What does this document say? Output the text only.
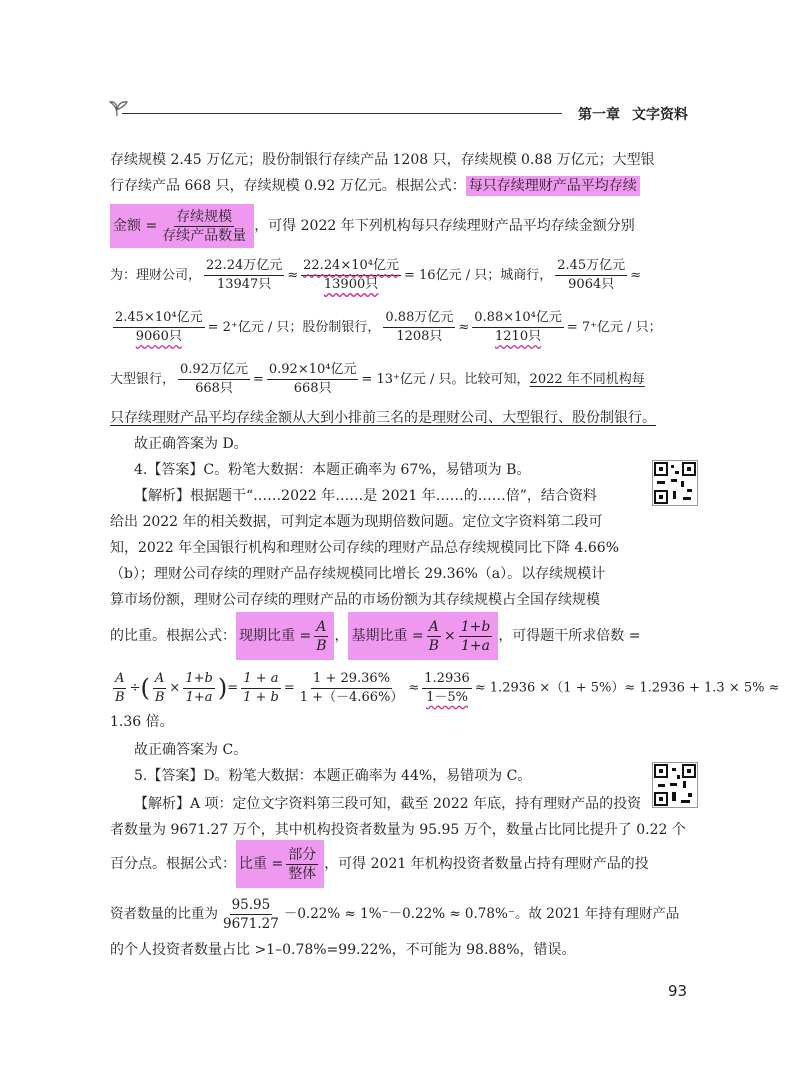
第一章 文字资料
存续规模 2.45 万亿元；股份制银行存续产品 1208 只，存续规模 0.88 万亿元；大型银
行存续产品 668 只，存续规模 0.92 万亿元。根据公式： 每只存续理财产品平均存续
金额 = $\frac{\text{存续规模}}{\text{存续产品数量}}$ ，可得 2022 年下列机构每只存续理财产品平均存续金额分别
为：理财公司， $\frac{\text{22.24万亿元}}{\text{13947只}} \approx \frac{\text{22.24×10⁴亿元}}{\text{13900只}} = 16$亿元 / 只；城商行， $\frac{\text{2.45万亿元}}{\text{9064只}}$ ≈
$\frac{\text{2.45×10⁴亿元}}{\text{9060只}} = 2^+$亿元 / 只；股份制银行， $\frac{\text{0.88万亿元}}{\text{1208只}} \approx \frac{\text{0.88×10⁴亿元}}{\text{1210只}} = 7^+$亿元 / 只；
大型银行， $\frac{\text{0.92万亿元}}{\text{668只}} = \frac{\text{0.92×10⁴亿元}}{\text{668只}} = 13^+$亿元 / 只。比较可知，2022 年不同机构每
只存续理财产品平均存续金额从大到小排前三名的是理财公司、大型银行、股份制银行。
故正确答案为 D。
4.【答案】C。粉笔大数据：本题正确率为 67%，易错项为 B。
【解析】根据题干“……2022 年……是 2021 年……的……倍”，结合资料
给出 2022 年的相关数据，可判定本题为现期倍数问题。定位文字资料第二段可
知，2022 年全国银行机构和理财公司存续的理财产品总存续规模同比下降 4.66%
（b）；理财公司存续的理财产品存续规模同比增长 29.36%（a）。以存续规模计
算市场份额，理财公司存续的理财产品的市场份额为其存续规模占全国存续规模
的比重。根据公式： 现期比重 = $\frac{A}{B}$ ， 基期比重 = $\frac{A}{B} \times \frac{1+b}{1+a}$ ，可得题干所求倍数 =
$\frac{A}{B}$ ÷( $\frac{A}{B} \times \frac{1+b}{1+a}$ )= $\frac{1 + a}{1 + b} = \frac{1 + 29.36\%}{1 +(-4.66\%)} \approx \frac{1.2936}{1-5\%} \approx 1.2936 \times(1 + 5\%)\approx 1.2936 + 1.3 \times 5\%$ ≈
1.36 倍。
故正确答案为 C。
5.【答案】D。粉笔大数据：本题正确率为 44%，易错项为 C。
【解析】A 项：定位文字资料第三段可知，截至 2022 年底，持有理财产品的投资
者数量为 9671.27 万个，其中机构投资者数量为 95.95 万个，数量占比同比提升了 0.22 个
百分点。根据公式： 比重 = $\frac{\text{部分}}{\text{整体}}$ ，可得 2021 年机构投资者数量占持有理财产品的投
资者数量的比重为 $\frac{95.95}{9671.27} -0.22\% \approx 1\%^--0.22\% \approx 0.78\%^-$。故 2021 年持有理财产品
的个人投资者数量占比 >1–0.78%=99.22%，不可能为 98.88%，错误。
93
